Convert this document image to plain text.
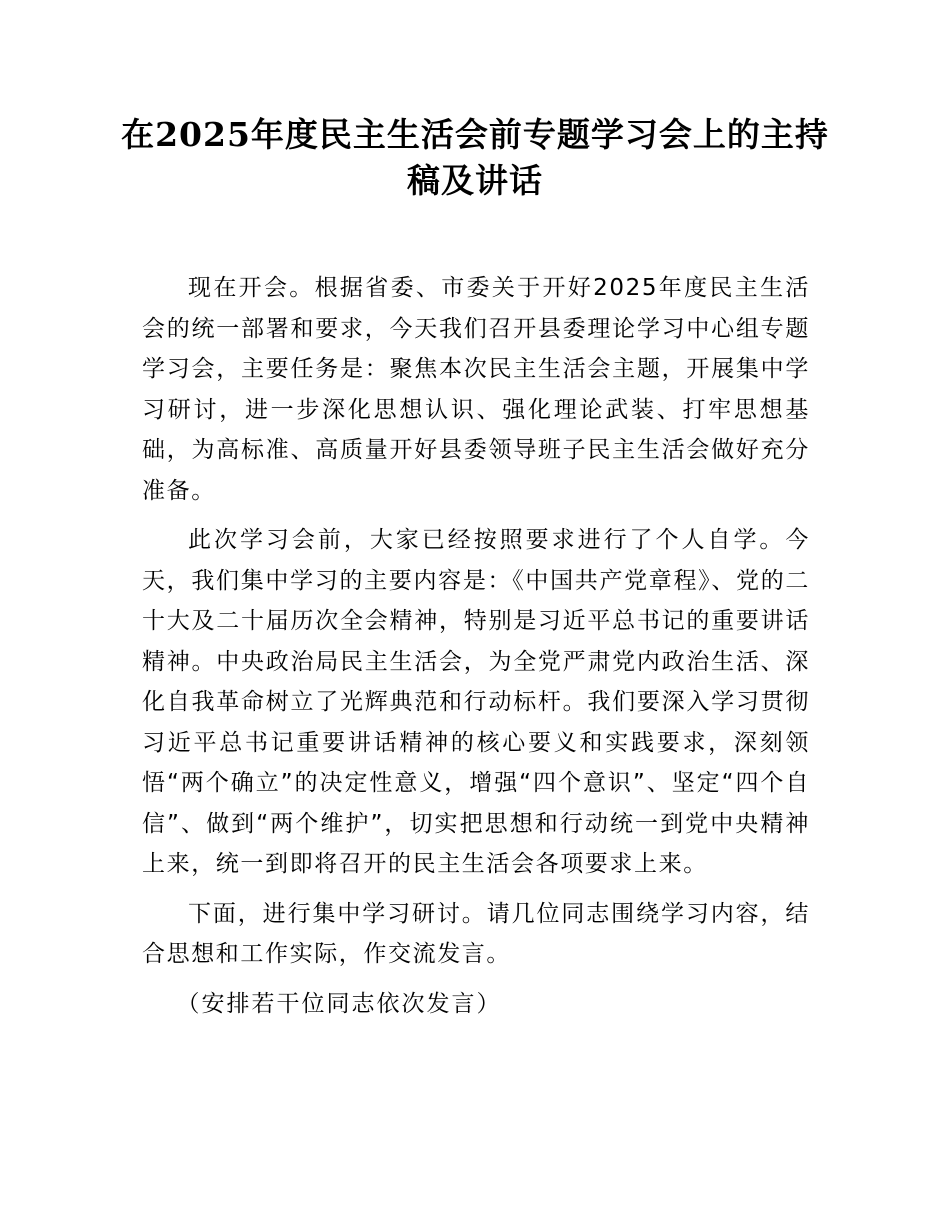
在2025年度民主生活会前专题学习会上的主持稿及讲话

现在开会。根据省委、市委关于开好2025年度民主生活会的统一部署和要求，今天我们召开县委理论学习中心组专题学习会，主要任务是：聚焦本次民主生活会主题，开展集中学习研讨，进一步深化思想认识、强化理论武装、打牢思想基础，为高标准、高质量开好县委领导班子民主生活会做好充分准备。

此次学习会前，大家已经按照要求进行了个人自学。今天，我们集中学习的主要内容是：《中国共产党章程》、党的二十大及二十届历次全会精神，特别是习近平总书记的重要讲话精神。中央政治局民主生活会，为全党严肃党内政治生活、深化自我革命树立了光辉典范和行动标杆。我们要深入学习贯彻习近平总书记重要讲话精神的核心要义和实践要求，深刻领悟“两个确立”的决定性意义，增强“四个意识”、坚定“四个自信”、做到“两个维护”，切实把思想和行动统一到党中央精神上来，统一到即将召开的民主生活会各项要求上来。

下面，进行集中学习研讨。请几位同志围绕学习内容，结合思想和工作实际，作交流发言。

（安排若干位同志依次发言）
